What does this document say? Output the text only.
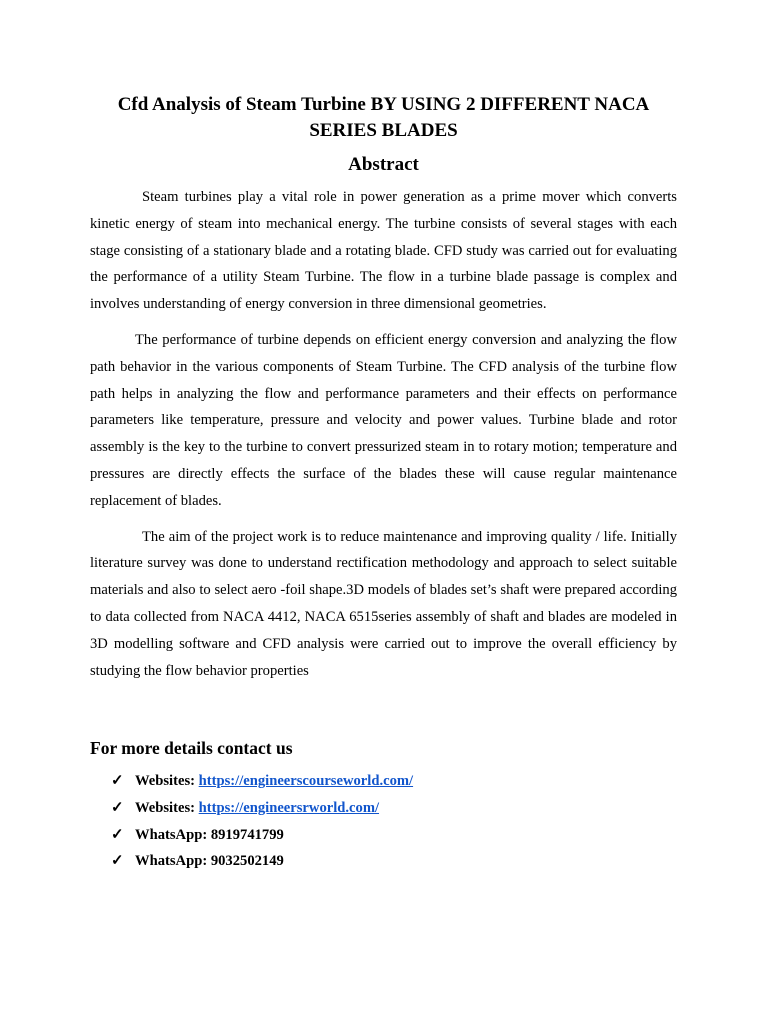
Cfd Analysis of Steam Turbine BY USING 2 DIFFERENT NACA SERIES BLADES
Abstract

Steam turbines play a vital role in power generation as a prime mover which converts kinetic energy of steam into mechanical energy. The turbine consists of several stages with each stage consisting of a stationary blade and a rotating blade. CFD study was carried out for evaluating the performance of a utility Steam Turbine. The flow in a turbine blade passage is complex and involves understanding of energy conversion in three dimensional geometries.

The performance of turbine depends on efficient energy conversion and analyzing the flow path behavior in the various components of Steam Turbine. The CFD analysis of the turbine flow path helps in analyzing the flow and performance parameters and their effects on performance parameters like temperature, pressure and velocity and power values. Turbine blade and rotor assembly is the key to the turbine to convert pressurized steam in to rotary motion; temperature and pressures are directly effects the surface of the blades these will cause regular maintenance replacement of blades.

The aim of the project work is to reduce maintenance and improving quality / life. Initially literature survey was done to understand rectification methodology and approach to select suitable materials and also to select aero -foil shape.3D models of blades set’s shaft were prepared according to data collected from NACA 4412, NACA 6515series assembly of shaft and blades are modeled in 3D modelling software and CFD analysis were carried out to improve the overall efficiency by studying the flow behavior properties

For more details contact us
✓ Websites: https://engineerscourseworld.com/
✓ Websites: https://engineersrworld.com/
✓ WhatsApp: 8919741799
✓ WhatsApp: 9032502149
